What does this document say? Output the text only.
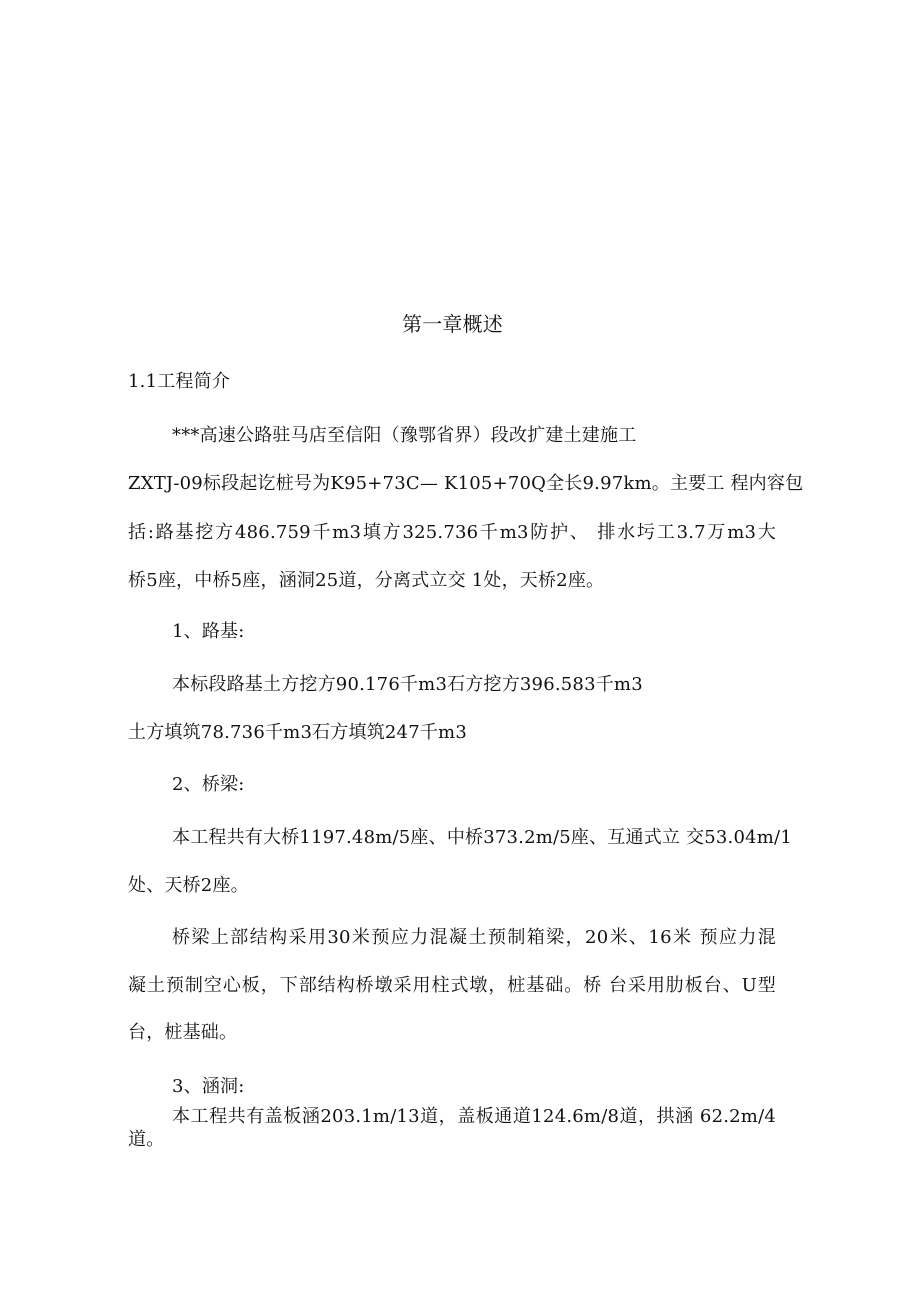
第一章概述
1.1工程简介
***高速公路驻马店至信阳（豫鄂省界）段改扩建土建施工
ZXTJ-09标段起讫桩号为K95+73C— K105+70Q全长9.97km。主要工 程内容包
括:路基挖方486.759千m3填方325.736千m3防护、 排水圬工3.7万m3大
桥5座，中桥5座，涵洞25道，分离式立交 1处，天桥2座。
1、路基:
本标段路基土方挖方90.176千m3石方挖方396.583千m3
土方填筑78.736千m3石方填筑247千m3
2、桥梁:
本工程共有大桥1197.48m/5座、中桥373.2m/5座、互通式立 交53.04m/1
处、天桥2座。
桥梁上部结构采用30米预应力混凝土预制箱梁，20米、16米 预应力混
凝土预制空心板，下部结构桥墩采用柱式墩，桩基础。桥 台采用肋板台、U型
台，桩基础。
3、涵洞:
本工程共有盖板涵203.1m/13道，盖板通道124.6m/8道，拱涵 62.2m/4
道。
